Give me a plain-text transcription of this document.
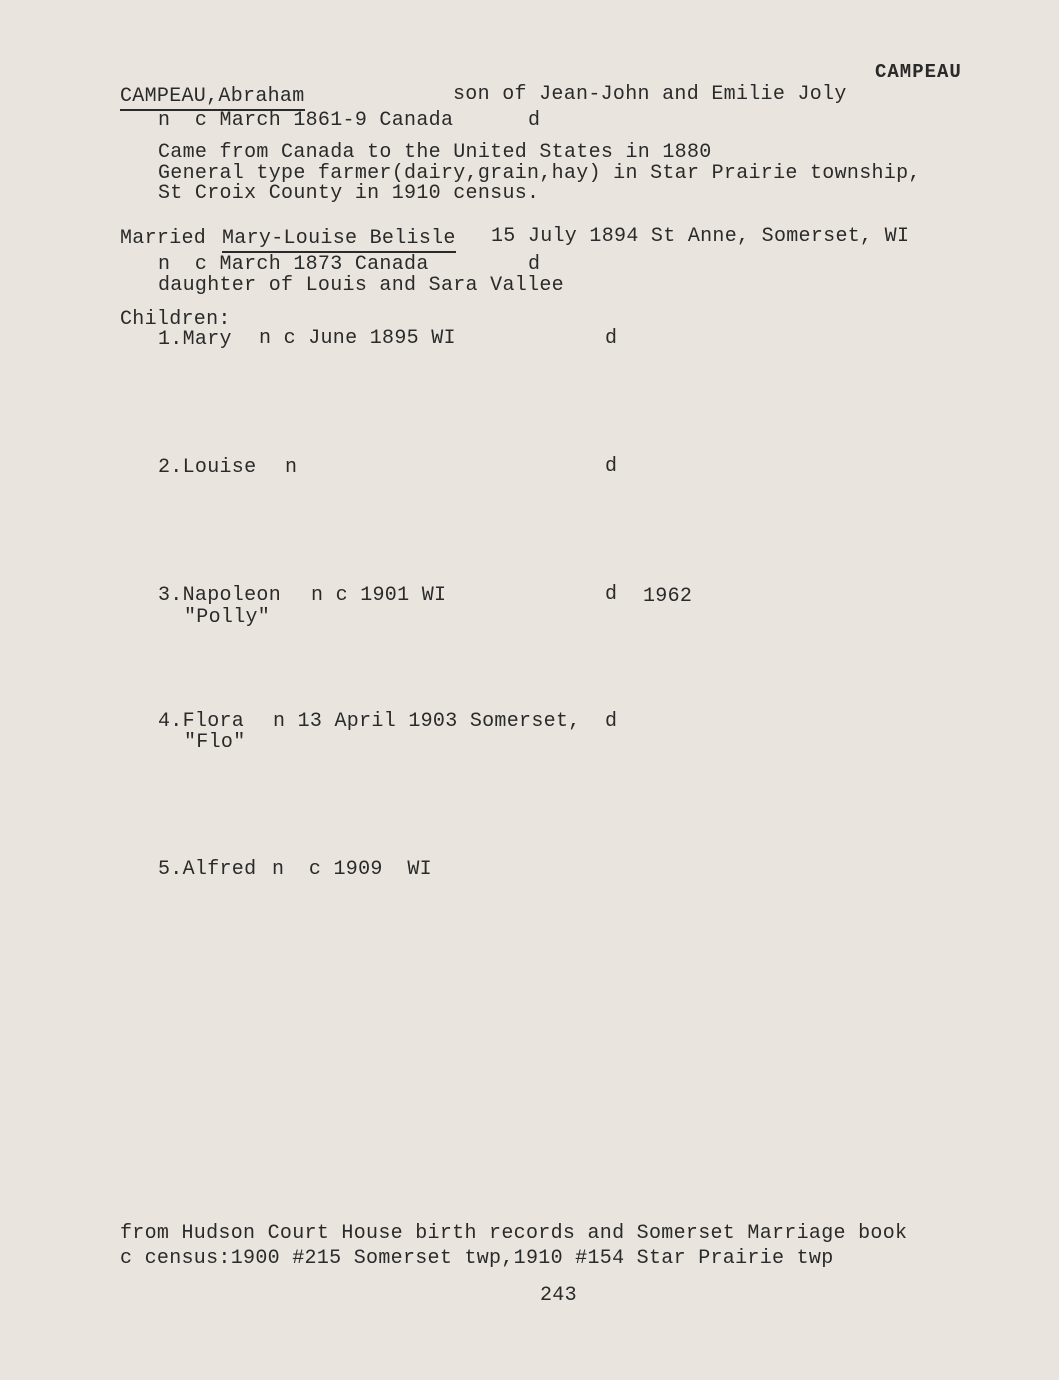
CAMPEAU
CAMPEAU,Abraham	son of Jean-John and Emilie Joly
n  c March 1861-9 Canada	d
Came from Canada to the United States in 1880
General type farmer(dairy,grain,hay) in Star Prairie township,
St Croix County in 1910 census.
Married Mary-Louise Belisle 15 July 1894 St Anne, Somerset, WI
n  c March 1873 Canada	d
daughter of Louis and Sara Vallee
Children:
1.Mary n c June 1895 WI	d
2.Louise n	d
3.Napoleon n c 1901 WI	d 1962
"Polly"
4.Flora n 13 April 1903 Somerset, d
"Flo"
5.Alfred n  c 1909  WI
from Hudson Court House birth records and Somerset Marriage book
c census:1900 #215 Somerset twp,1910 #154 Star Prairie twp
243
